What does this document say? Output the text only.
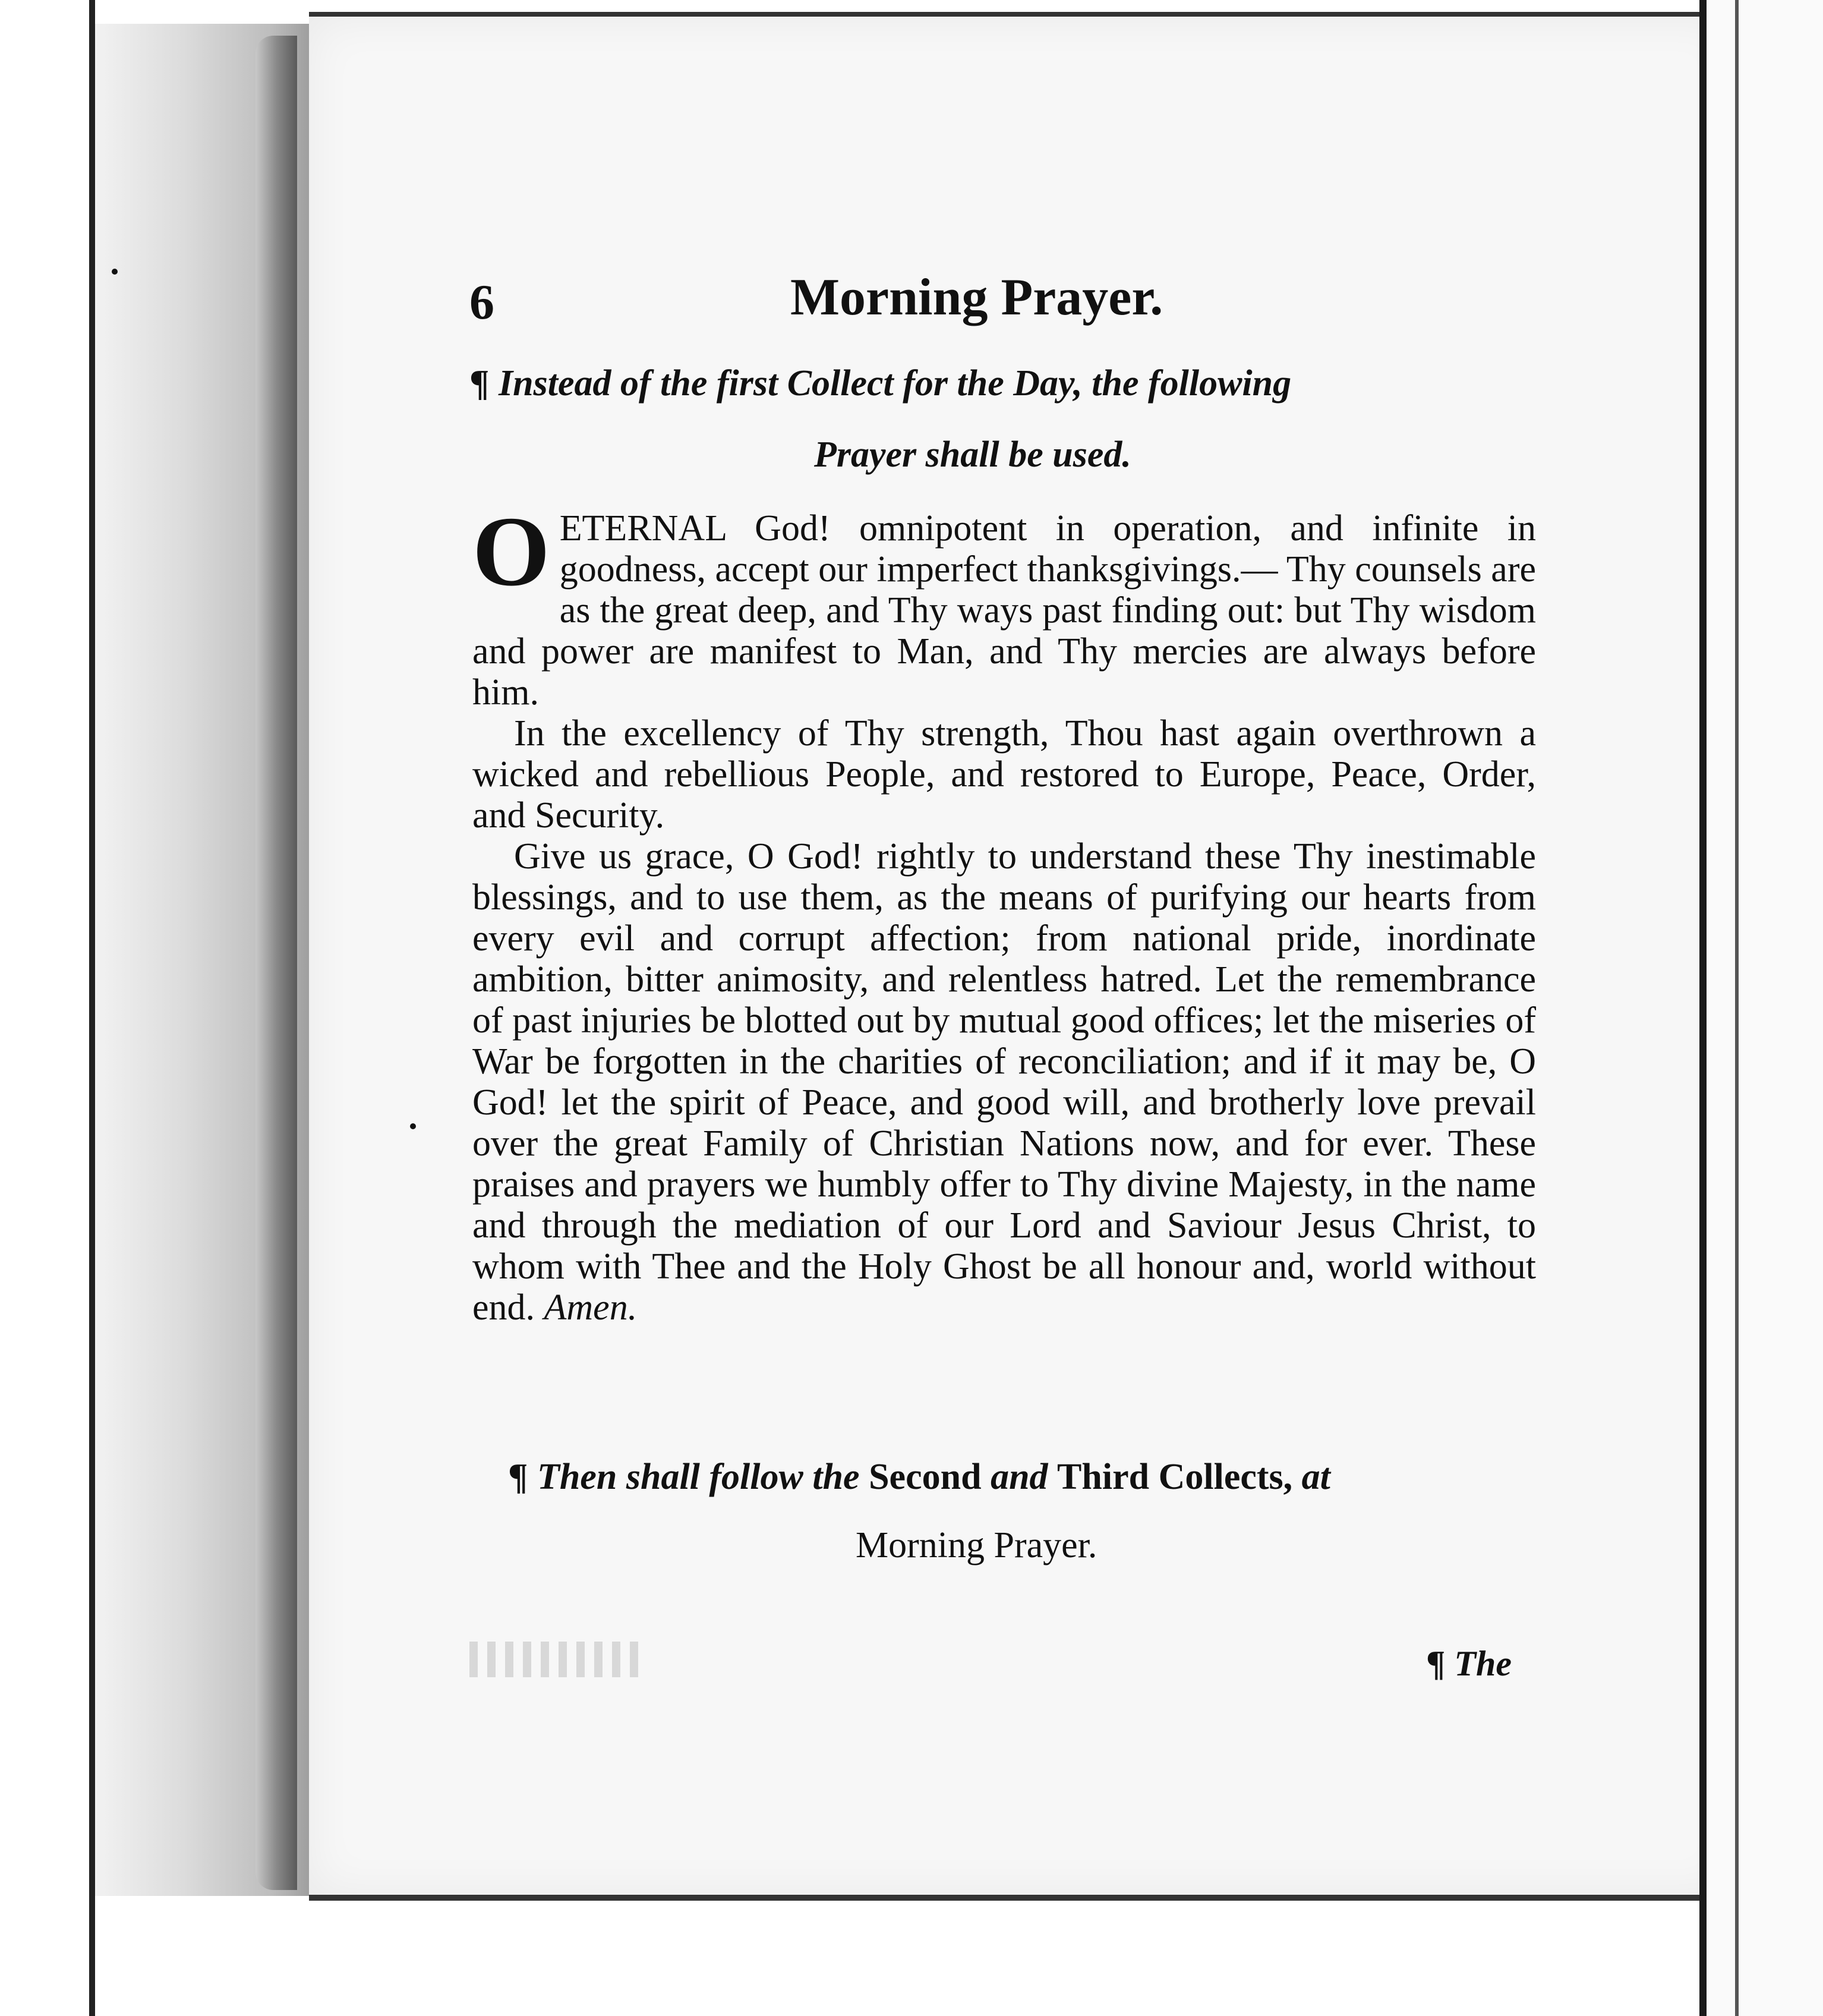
6	Morning Prayer.
¶ Instead of the first Collect for the Day, the following
Prayer shall be used.

OETERNAL God! omnipotent in operation, and infinite in goodness, accept our imperfect thanksgivings.— Thy counsels are as the great deep, and Thy ways past finding out: but Thy wisdom and power are manifest to Man, and Thy mercies are always before him.

In the excellency of Thy strength, Thou hast again overthrown a wicked and rebellious People, and restored to Europe, Peace, Order, and Security.

Give us grace, O God! rightly to understand these Thy inestimable blessings, and to use them, as the means of purifying our hearts from every evil and corrupt affection; from national pride, inordinate ambition, bitter animosity, and relentless hatred. Let the remembrance of past injuries be blotted out by mutual good offices; let the miseries of War be forgotten in the charities of reconciliation; and if it may be, O God! let the spirit of Peace, and good will, and brotherly love prevail over the great Family of Christian Nations now, and for ever. These praises and prayers we humbly offer to Thy divine Majesty, in the name and through the mediation of our Lord and Saviour Jesus Christ, to whom with Thee and the Holy Ghost be all honour and, world without end. Amen.

¶ Then shall follow the Second and Third Collects, at
Morning Prayer.
¶ The
